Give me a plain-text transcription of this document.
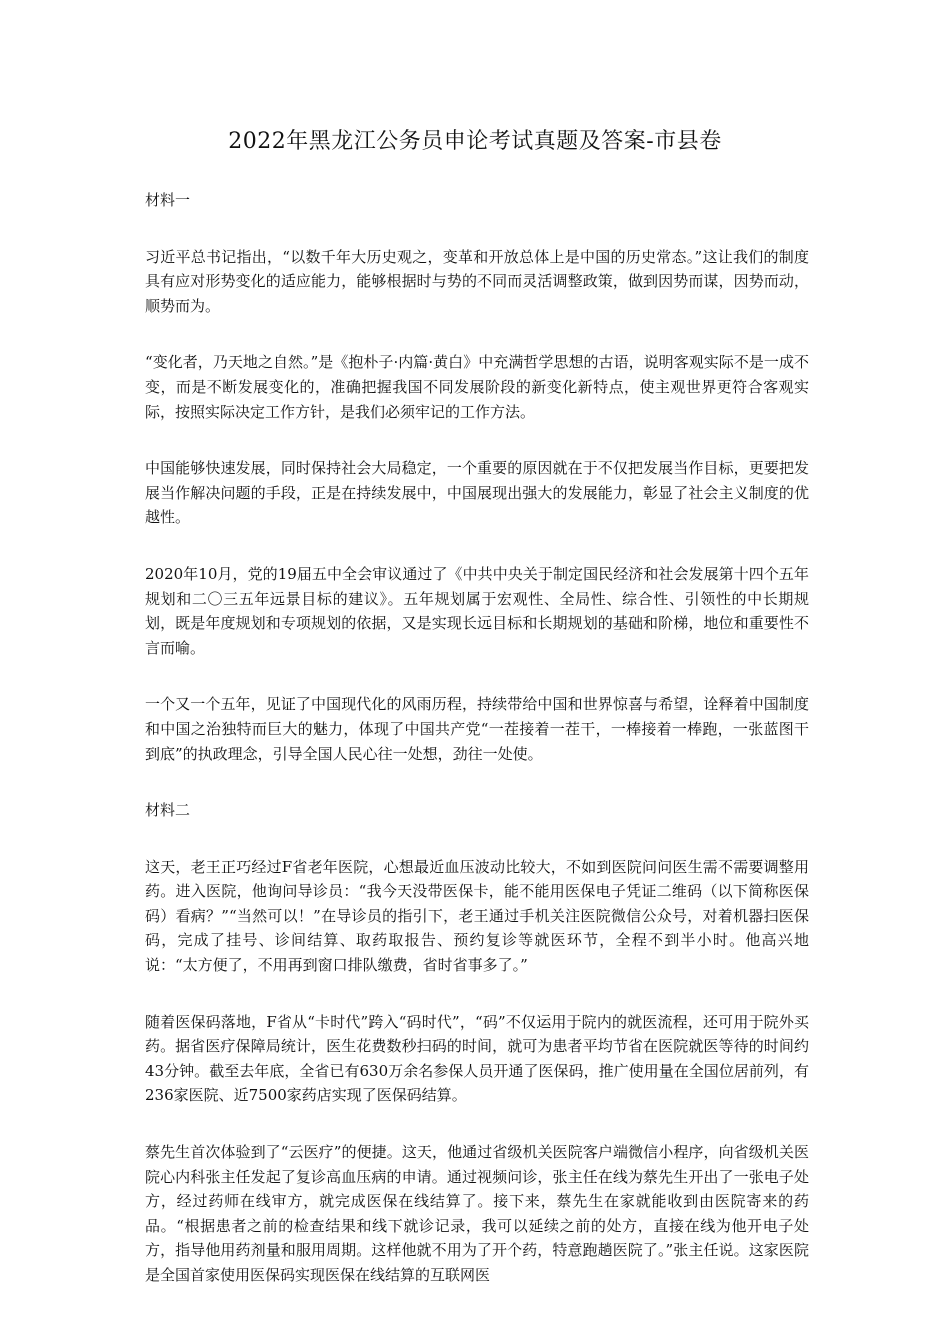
2022年黑龙江公务员申论考试真题及答案-市县卷
材料一

习近平总书记指出，“以数千年大历史观之，变革和开放总体上是中国的历史常态。”这让我们的制度具有应对形势变化的适应能力，能够根据时与势的不同而灵活调整政策，做到因势而谋，因势而动，顺势而为。

“变化者，乃天地之自然。”是《抱朴子·内篇·黄白》中充满哲学思想的古语，说明客观实际不是一成不变，而是不断发展变化的，准确把握我国不同发展阶段的新变化新特点，使主观世界更符合客观实际，按照实际决定工作方针，是我们必须牢记的工作方法。

中国能够快速发展，同时保持社会大局稳定，一个重要的原因就在于不仅把发展当作目标，更要把发展当作解决问题的手段，正是在持续发展中，中国展现出强大的发展能力，彰显了社会主义制度的优越性。

2020年10月，党的19届五中全会审议通过了《中共中央关于制定国民经济和社会发展第十四个五年规划和二〇三五年远景目标的建议》。五年规划属于宏观性、全局性、综合性、引领性的中长期规划，既是年度规划和专项规划的依据，又是实现长远目标和长期规划的基础和阶梯，地位和重要性不言而喻。

一个又一个五年，见证了中国现代化的风雨历程，持续带给中国和世界惊喜与希望，诠释着中国制度和中国之治独特而巨大的魅力，体现了中国共产党“一茬接着一茬干，一棒接着一棒跑，一张蓝图干到底”的执政理念，引导全国人民心往一处想，劲往一处使。

材料二

这天，老王正巧经过F省老年医院，心想最近血压波动比较大，不如到医院问问医生需不需要调整用药。进入医院，他询问导诊员：“我今天没带医保卡，能不能用医保电子凭证二维码（以下简称医保码）看病？”“当然可以！”在导诊员的指引下，老王通过手机关注医院微信公众号，对着机器扫医保码，完成了挂号、诊间结算、取药取报告、预约复诊等就医环节，全程不到半小时。他高兴地说：“太方便了，不用再到窗口排队缴费，省时省事多了。”

随着医保码落地，F省从“卡时代”跨入“码时代”，“码”不仅运用于院内的就医流程，还可用于院外买药。据省医疗保障局统计，医生花费数秒扫码的时间，就可为患者平均节省在医院就医等待的时间约43分钟。截至去年底，全省已有630万余名参保人员开通了医保码，推广使用量在全国位居前列，有236家医院、近7500家药店实现了医保码结算。

蔡先生首次体验到了“云医疗”的便捷。这天，他通过省级机关医院客户端微信小程序，向省级机关医院心内科张主任发起了复诊高血压病的申请。通过视频问诊，张主任在线为蔡先生开出了一张电子处方，经过药师在线审方，就完成医保在线结算了。接下来，蔡先生在家就能收到由医院寄来的药品。“根据患者之前的检查结果和线下就诊记录，我可以延续之前的处方，直接在线为他开电子处方，指导他用药剂量和服用周期。这样他就不用为了开个药，特意跑趟医院了。”张主任说。这家医院是全国首家使用医保码实现医保在线结算的互联网医
